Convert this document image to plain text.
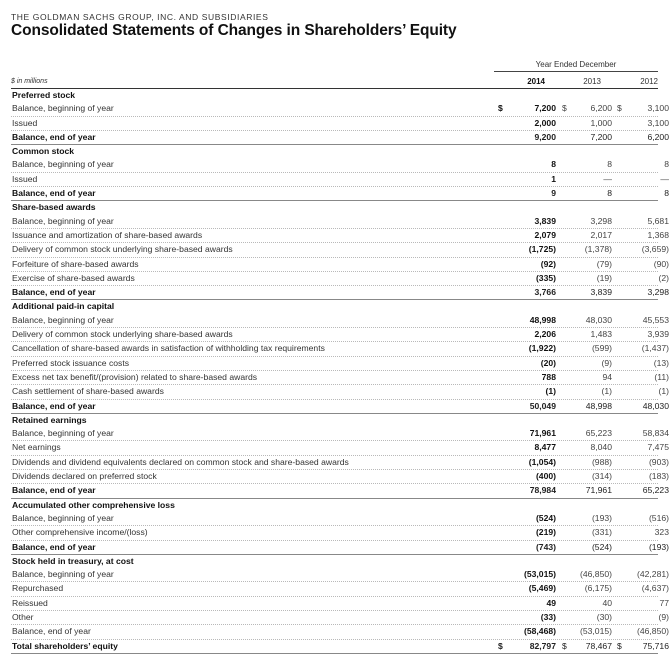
THE GOLDMAN SACHS GROUP, INC. AND SUBSIDIARIES
Consolidated Statements of Changes in Shareholders’ Equity
Year Ended December
$ in millions	2014	2013	2012
Preferred stock
Balance, beginning of year	$	7,200 $	6,200 $	3,100
Issued	2,000	1,000	3,100
Balance, end of year	9,200	7,200	6,200
Common stock
Balance, beginning of year	8	8	8
Issued	1	—	—
Balance, end of year	9	8	8
Share-based awards
Balance, beginning of year	3,839	3,298	5,681
Issuance and amortization of share-based awards	2,079	2,017	1,368
Delivery of common stock underlying share-based awards	(1,725)	(1,378)	(3,659)
Forfeiture of share-based awards	(92)	(79)	(90)
Exercise of share-based awards	(335)	(19)	(2)
Balance, end of year	3,766	3,839	3,298
Additional paid-in capital
Balance, beginning of year	48,998	48,030	45,553
Delivery of common stock underlying share-based awards	2,206	1,483	3,939
Cancellation of share-based awards in satisfaction of withholding tax requirements	(1,922)	(599)	(1,437)
Preferred stock issuance costs	(20)	(9)	(13)
Excess net tax benefit/(provision) related to share-based awards	788	94	(11)
Cash settlement of share-based awards	(1)	(1)	(1)
Balance, end of year	50,049	48,998	48,030
Retained earnings
Balance, beginning of year	71,961	65,223	58,834
Net earnings	8,477	8,040	7,475
Dividends and dividend equivalents declared on common stock and share-based awards	(1,054)	(988)	(903)
Dividends declared on preferred stock	(400)	(314)	(183)
Balance, end of year	78,984	71,961	65,223
Accumulated other comprehensive loss
Balance, beginning of year	(524)	(193)	(516)
Other comprehensive income/(loss)	(219)	(331)	323
Balance, end of year	(743)	(524)	(193)
Stock held in treasury, at cost
Balance, beginning of year	(53,015)	(46,850)	(42,281)
Repurchased	(5,469)	(6,175)	(4,637)
Reissued	49	40	77
Other	(33)	(30)	(9)
Balance, end of year	(58,468)	(53,015)	(46,850)
Total shareholders’ equity	$	82,797 $ 78,467 $ 75,716
